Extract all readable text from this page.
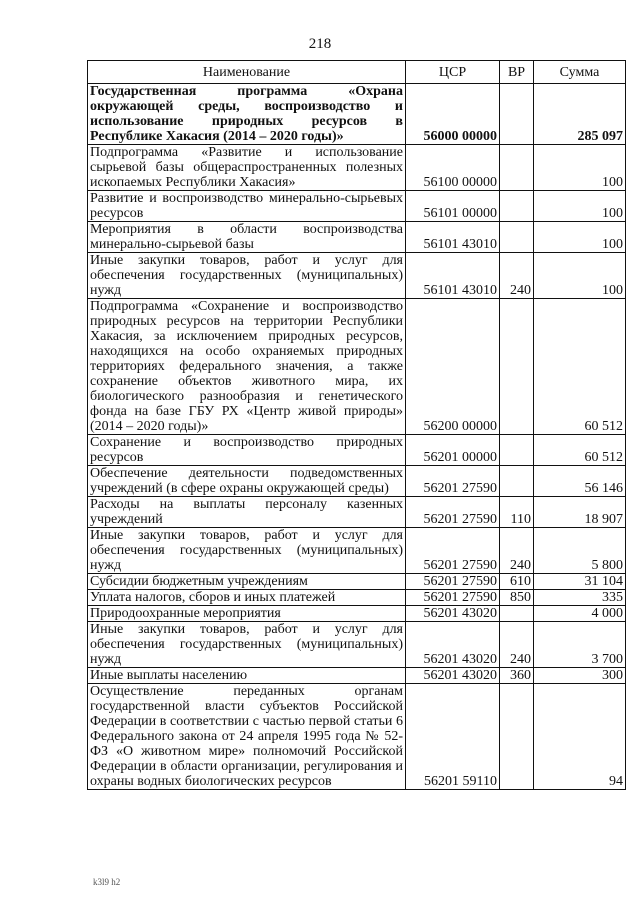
218
Наименование	ЦСР	ВР	Сумма
Государственная программа «Охрана окружающей среды, воспроизводство и использование природных ресурсов в Республике Хакасия (2014 – 2020 годы)»	56000 00000		285 097
Подпрограмма «Развитие и использование сырьевой базы общераспространенных полезных ископаемых Республики Хакасия»	56100 00000		100
Развитие и воспроизводство минерально-сырьевых ресурсов	56101 00000		100
Мероприятия в области воспроизводства минерально-сырьевой базы	56101 43010		100
Иные закупки товаров, работ и услуг для обеспечения государственных (муниципальных) нужд	56101 43010	240	100
Подпрограмма «Сохранение и воспроизводство природных ресурсов на территории Республики Хакасия, за исключением природных ресурсов, находящихся на особо охраняемых природных территориях федерального значения, а также сохранение объектов животного мира, их биологического разнообразия и генетического фонда на базе ГБУ РХ «Центр живой природы» (2014 – 2020 годы)»	56200 00000		60 512
Сохранение и воспроизводство природных ресурсов	56201 00000		60 512
Обеспечение деятельности подведомственных учреждений (в сфере охраны окружающей среды)	56201 27590		56 146
Расходы на выплаты персоналу казенных учреждений	56201 27590	110	18 907
Иные закупки товаров, работ и услуг для обеспечения государственных (муниципальных) нужд	56201 27590	240	5 800
Субсидии бюджетным учреждениям	56201 27590	610	31 104
Уплата налогов, сборов и иных платежей	56201 27590	850	335
Природоохранные мероприятия	56201 43020		4 000
Иные закупки товаров, работ и услуг для обеспечения государственных (муниципальных) нужд	56201 43020	240	3 700
Иные выплаты населению	56201 43020	360	300
Осуществление переданных органам государственной власти субъектов Российской Федерации в соответствии с частью первой статьи 6 Федерального закона от 24 апреля 1995 года № 52-ФЗ «О животном мире» полномочий Российской Федерации в области организации, регулирования и охраны водных биологических ресурсов	56201 59110		94
k3l9 h2
